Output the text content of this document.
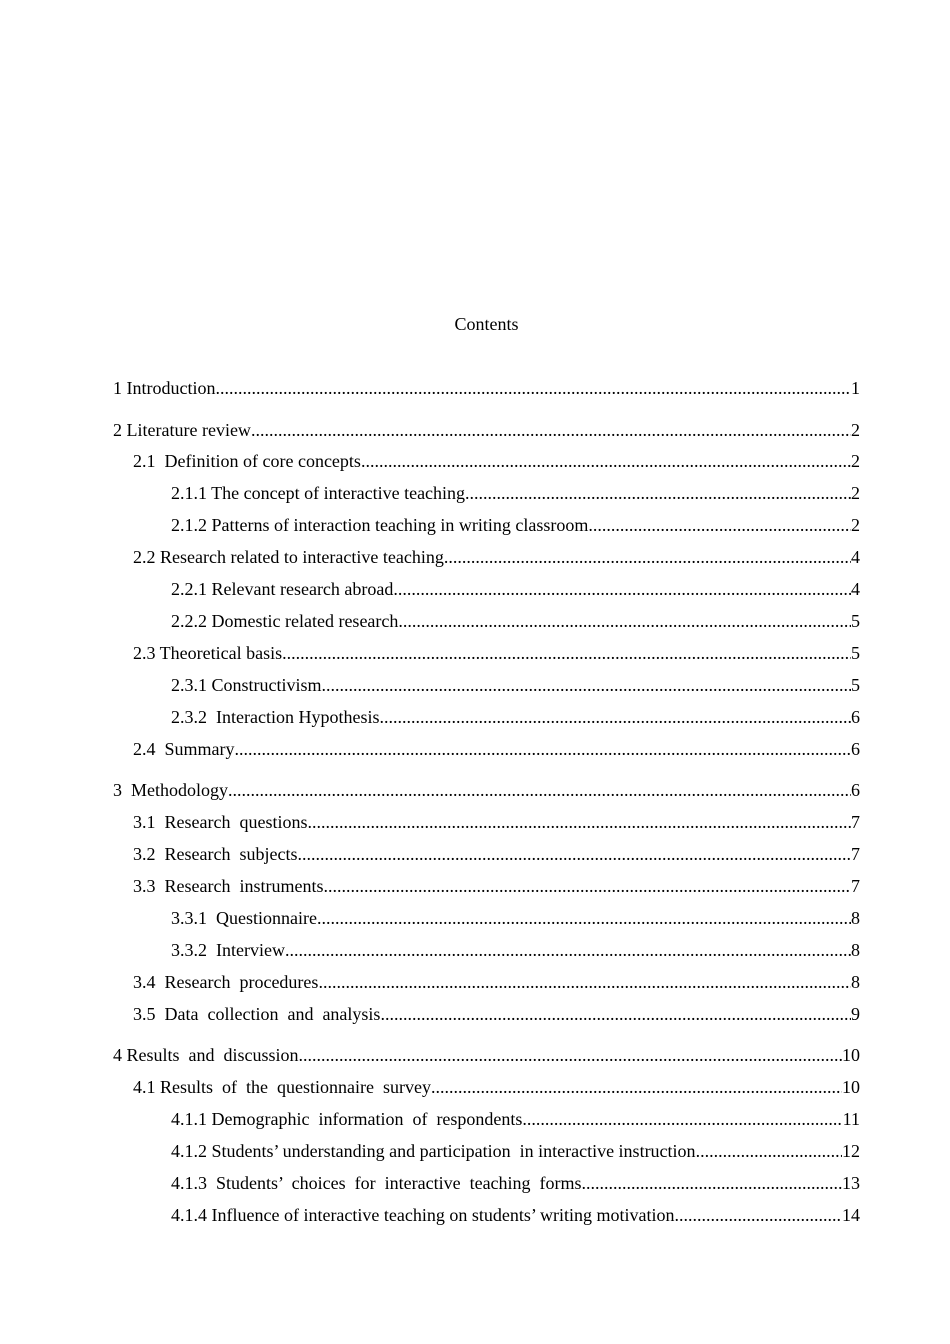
Contents
1 Introduction .....	1
2 Literature review .....	2
2.1  Definition of core concepts .....	2
2.1.1 The concept of interactive teaching .....	2
2.1.2 Patterns of interaction teaching in writing classroom .....	2
2.2 Research related to interactive teaching .....	4
2.2.1 Relevant research abroad .....	4
2.2.2 Domestic related research .....	5
2.3 Theoretical basis .....	5
2.3.1 Constructivism .....	5
2.3.2  Interaction Hypothesis .....	6
2.4  Summary .....	6
3  Methodology .....	6
3.1  Research  questions .....	7
3.2  Research  subjects .....	7
3.3  Research  instruments .....	7
3.3.1  Questionnaire .....	8
3.3.2  Interview .....	8
3.4  Research  procedures .....	8
3.5  Data  collection  and  analysis .....	9
4 Results  and  discussion .....	10
4.1 Results  of  the  questionnaire  survey .....	10
4.1.1 Demographic  information  of  respondents .....	11
4.1.2 Students’ understanding and participation  in interactive instruction .....	12
4.1.3  Students’  choices  for  interactive  teaching  forms .....	13
4.1.4 Influence of interactive teaching on students’ writing motivation .....	14
